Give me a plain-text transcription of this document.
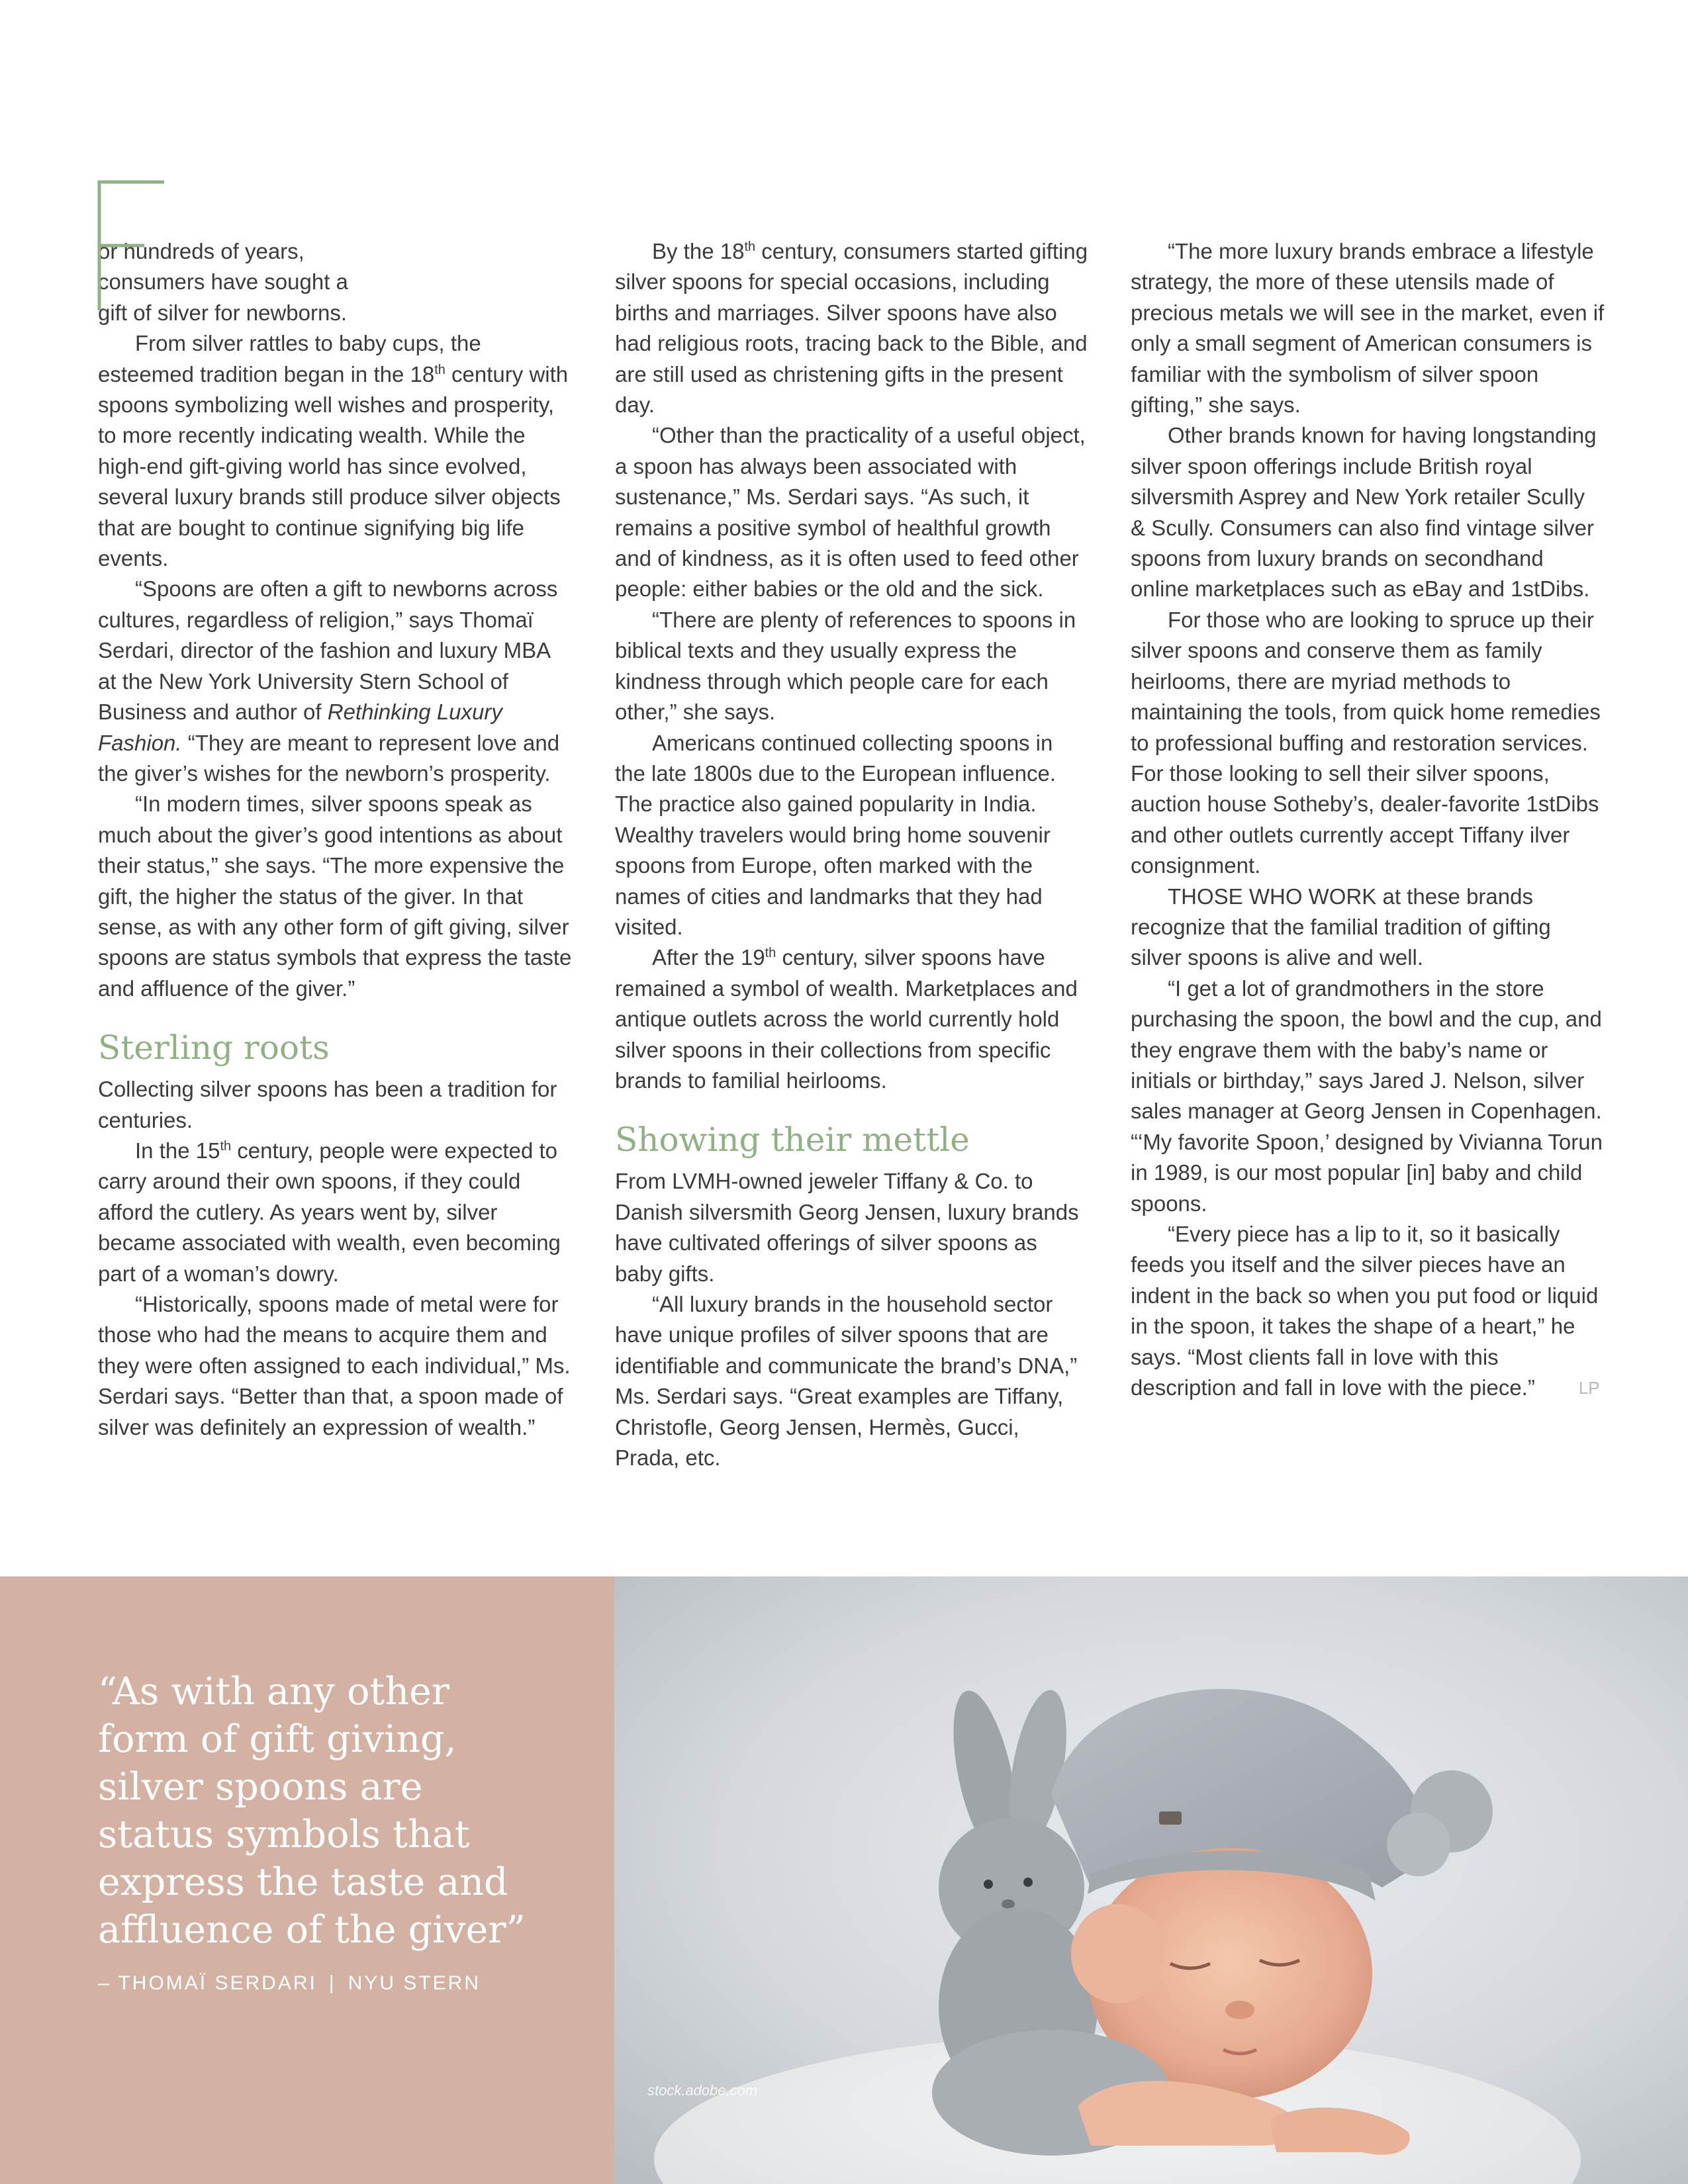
or hundreds of years,

consumers have sought a

gift of silver for newborns.

From silver rattles to baby cups, the esteemed tradition began in the 18th century with spoons symbolizing well wishes and prosperity, to more recently indicating wealth. While the high-end gift-giving world has since evolved, several luxury brands still produce silver objects that are bought to continue signifying big life events.

“Spoons are often a gift to newborns across cultures, regardless of religion,” says Thomaï Serdari, director of the fashion and luxury MBA at the New York University Stern School of Business and author of Rethinking Luxury Fashion. “They are meant to represent love and the giver’s wishes for the newborn’s prosperity.

“In modern times, silver spoons speak as much about the giver’s good intentions as about their status,” she says. “The more expensive the gift, the higher the status of the giver. In that sense, as with any other form of gift giving, silver spoons are status symbols that express the taste and affluence of the giver.”

Sterling roots

Collecting silver spoons has been a tradition for centuries.

In the 15th century, people were expected to carry around their own spoons, if they could afford the cutlery. As years went by, silver became associated with wealth, even becoming part of a woman’s dowry.

“Historically, spoons made of metal were for those who had the means to acquire them and they were often assigned to each individual,” Ms. Serdari says. “Better than that, a spoon made of silver was definitely an expression of wealth.”

By the 18th century, consumers started gifting silver spoons for special occasions, including births and marriages. Silver spoons have also had religious roots, tracing back to the Bible, and are still used as christening gifts in the present day.

“Other than the practicality of a useful object, a spoon has always been associated with sustenance,” Ms. Serdari says. “As such, it remains a positive symbol of healthful growth and of kindness, as it is often used to feed other people: either babies or the old and the sick.

“There are plenty of references to spoons in biblical texts and they usually express the kindness through which people care for each other,” she says.

Americans continued collecting spoons in the late 1800s due to the European influence. The practice also gained popularity in India. Wealthy travelers would bring home souvenir spoons from Europe, often marked with the names of cities and landmarks that they had visited.

After the 19th century, silver spoons have remained a symbol of wealth. Marketplaces and antique outlets across the world currently hold silver spoons in their collections from specific brands to familial heirlooms.

Showing their mettle

From LVMH-owned jeweler Tiffany & Co. to Danish silversmith Georg Jensen, luxury brands have cultivated offerings of silver spoons as baby gifts.

“All luxury brands in the household sector have unique profiles of silver spoons that are identifiable and communicate the brand’s DNA,” Ms. Serdari says. “Great examples are Tiffany, Christofle, Georg Jensen, Hermès, Gucci, Prada, etc.

“The more luxury brands embrace a lifestyle strategy, the more of these utensils made of precious metals we will see in the market, even if only a small segment of American consumers is familiar with the symbolism of silver spoon gifting,” she says.

Other brands known for having longstanding silver spoon offerings include British royal silversmith Asprey and New York retailer Scully & Scully. Consumers can also find vintage silver spoons from luxury brands on secondhand online marketplaces such as eBay and 1stDibs.

For those who are looking to spruce up their silver spoons and conserve them as family heirlooms, there are myriad methods to maintaining the tools, from quick home remedies to professional buffing and restoration services. For those looking to sell their silver spoons, auction house Sotheby’s, dealer-favorite 1stDibs and other outlets currently accept Tiffany ilver consignment.

THOSE WHO WORK at these brands recognize that the familial tradition of gifting silver spoons is alive and well.

“I get a lot of grandmothers in the store purchasing the spoon, the bowl and the cup, and they engrave them with the baby’s name or initials or birthday,” says Jared J. Nelson, silver sales manager at Georg Jensen in Copenhagen. “‘My favorite Spoon,’ designed by Vivianna Torun in 1989, is our most popular [in] baby and child spoons.

“Every piece has a lip to it, so it basically feeds you itself and the silver pieces have an indent in the back so when you put food or liquid in the spoon, it takes the shape of a heart,” he says. “Most clients fall in love with this description and fall in love with the piece.”	LP

“As with any other
form of gift giving,
silver spoons are
status symbols that
express the taste and
affluence of the giver”
– THOMAÏ SERDARI | NYU STERN
stock.adobe.com
